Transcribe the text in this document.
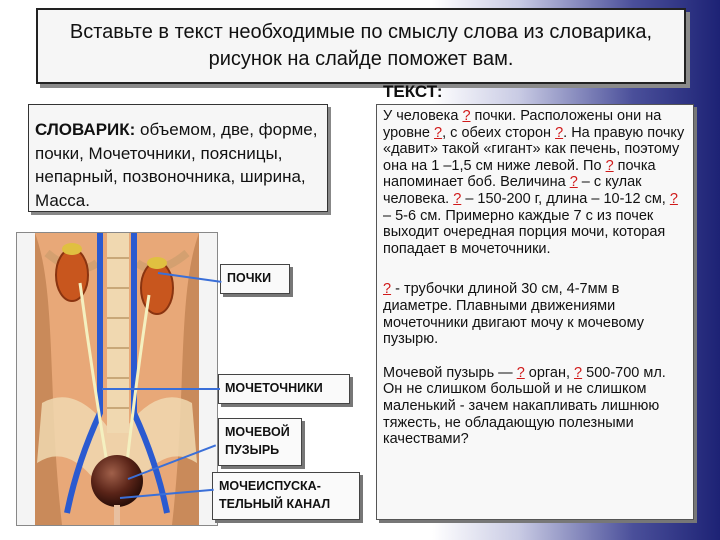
Вставьте в текст необходимые по смыслу слова из словарика, рисунок на слайде поможет вам.
СЛОВАРИК: объемом, две, форме, почки, Мочеточники, поясницы, непарный, позвоночника, ширина, Масса.
ТЕКСТ:

У человека ? почки. Расположены они на уровне ?, с обеих сторон ?. На правую почку «давит» такой «гигант» как печень, поэтому она на 1 –1,5 см ниже левой. По ? почка напоминает боб. Величина ? – с кулак человека. ? – 150-200 г, длина – 10-12 см, ? – 5-6 см. Примерно каждые 7 с из почек выходит очередная порция мочи, которая попадает в мочеточники.

? - трубочки длиной 30 см, 4-7мм в диаметре. Плавными движениями мочеточники двигают мочу к мочевому пузырю.

Мочевой пузырь — ? орган, ? 500-700 мл. Он не слишком большой и не слишком маленький - зачем накапливать лишнюю тяжесть, не обладающую полезными качествами?

ПОЧКИ
МОЧЕТОЧНИКИ
МОЧЕВОЙ ПУЗЫРЬ
МОЧЕИСПУСКА-ТЕЛЬНЫЙ КАНАЛ
